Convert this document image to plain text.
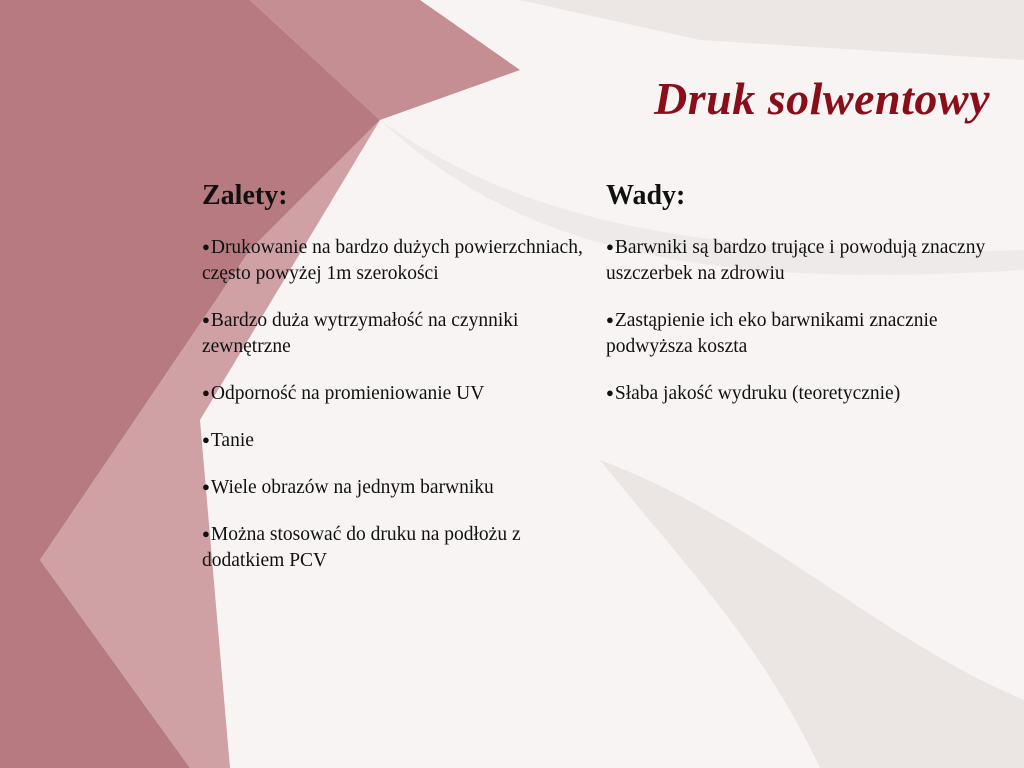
Druk solwentowy
Zalety:
●Drukowanie na bardzo dużych powierzchniach, często powyżej 1m szerokości
●Bardzo duża wytrzymałość na czynniki zewnętrzne
●Odporność na promieniowanie UV
●Tanie
●Wiele obrazów na jednym barwniku
●Można stosować do druku na podłożu z dodatkiem PCV
Wady:
●Barwniki są bardzo trujące i powodują znaczny uszczerbek na zdrowiu
●Zastąpienie ich eko barwnikami znacznie podwyższa koszta
●Słaba jakość wydruku (teoretycznie)
